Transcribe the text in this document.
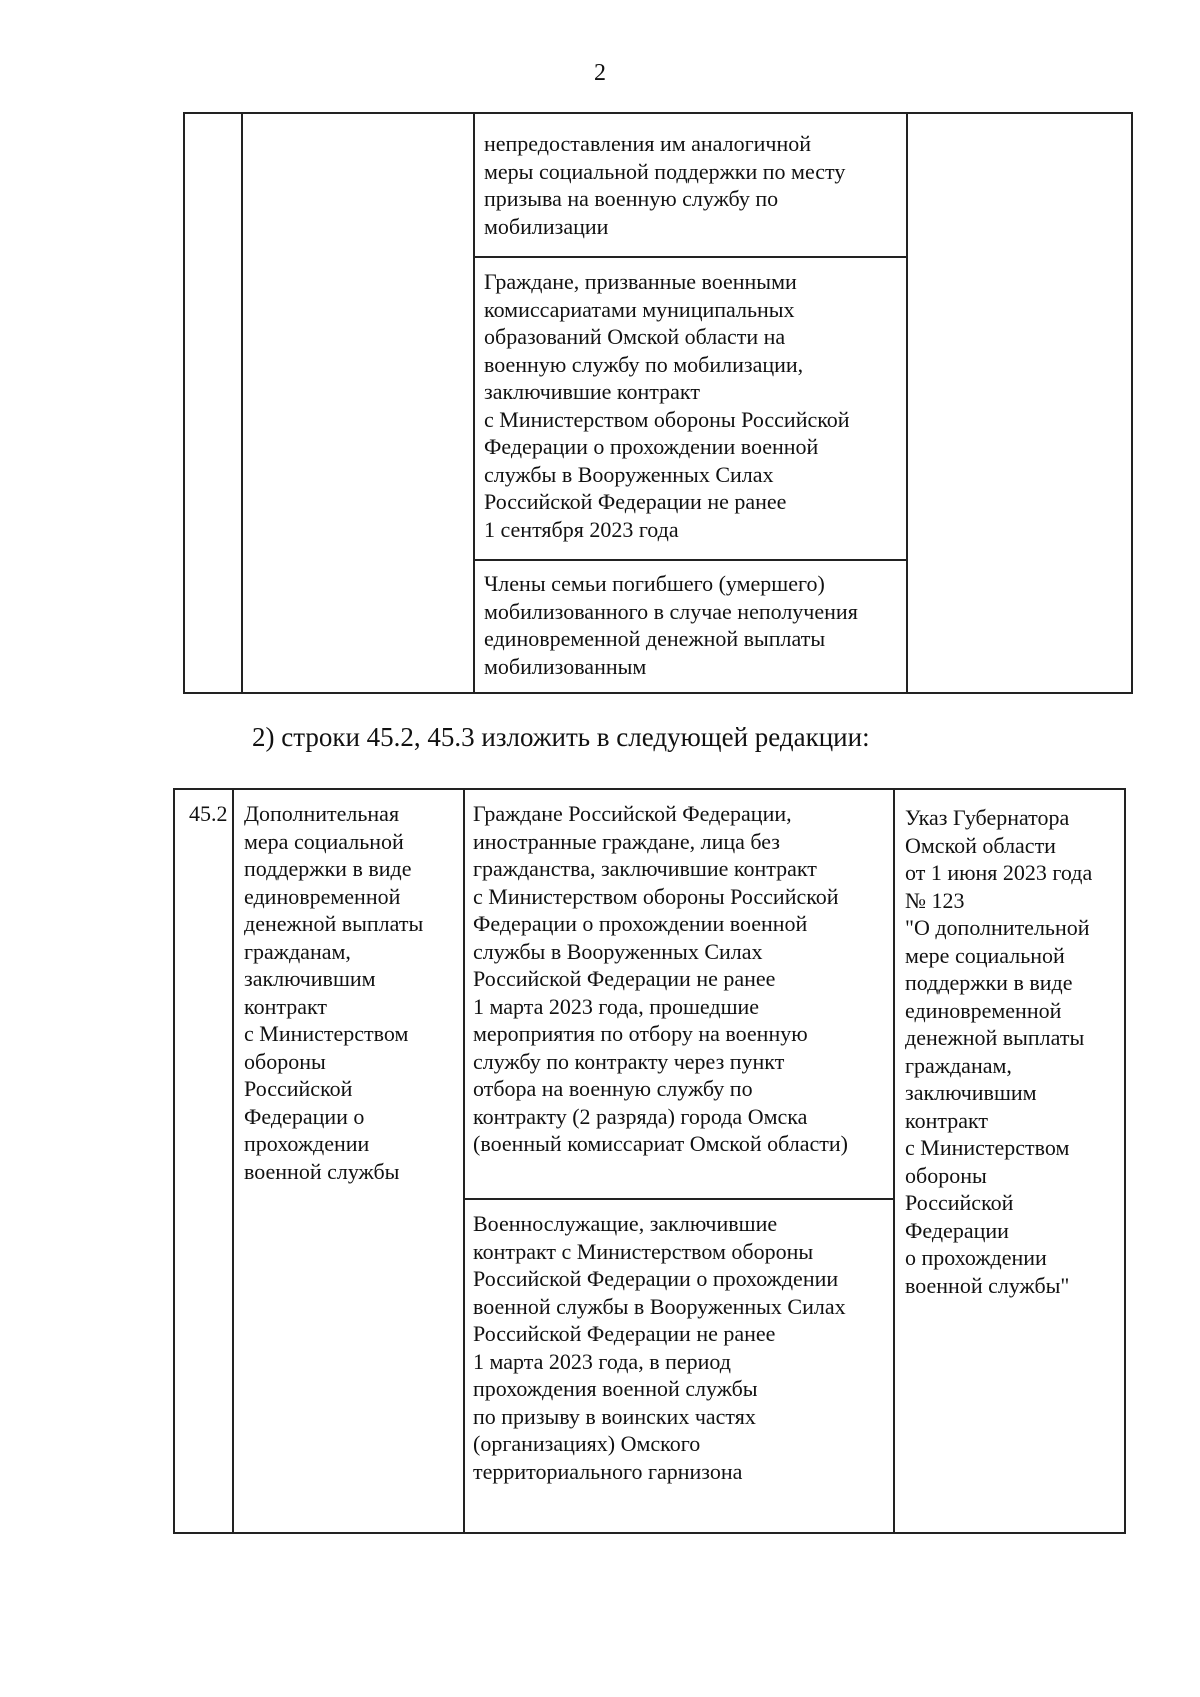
2
непредоставления им аналогичной
меры социальной поддержки по месту
призыва на военную службу по
мобилизации
Граждане, призванные военными
комиссариатами муниципальных
образований Омской области на
военную службу по мобилизации,
заключившие контракт
с Министерством обороны Российской
Федерации о прохождении военной
службы в Вооруженных Силах
Российской Федерации не ранее
1 сентября 2023 года
Члены семьи погибшего (умершего)
мобилизованного в случае неполучения
единовременной денежной выплаты
мобилизованным
2) строки 45.2, 45.3 изложить в следующей редакции:
45.2 Дополнительная
мера социальной
поддержки в виде
единовременной
денежной выплаты
гражданам,
заключившим
контракт
с Министерством
обороны
Российской
Федерации о
прохождении
военной службы
Граждане Российской Федерации,
иностранные граждане, лица без
гражданства, заключившие контракт
с Министерством обороны Российской
Федерации о прохождении военной
службы в Вооруженных Силах
Российской Федерации не ранее
1 марта 2023 года, прошедшие
мероприятия по отбору на военную
службу по контракту через пункт
отбора на военную службу по
контракту (2 разряда) города Омска
(военный комиссариат Омской области)
Военнослужащие, заключившие
контракт с Министерством обороны
Российской Федерации о прохождении
военной службы в Вооруженных Силах
Российской Федерации не ранее
1 марта 2023 года, в период
прохождения военной службы
по призыву в воинских частях
(организациях) Омского
территориального гарнизона
Указ Губернатора
Омской области
от 1 июня 2023 года
№ 123
"О дополнительной
мере социальной
поддержки в виде
единовременной
денежной выплаты
гражданам,
заключившим
контракт
с Министерством
обороны
Российской
Федерации
о прохождении
военной службы"
